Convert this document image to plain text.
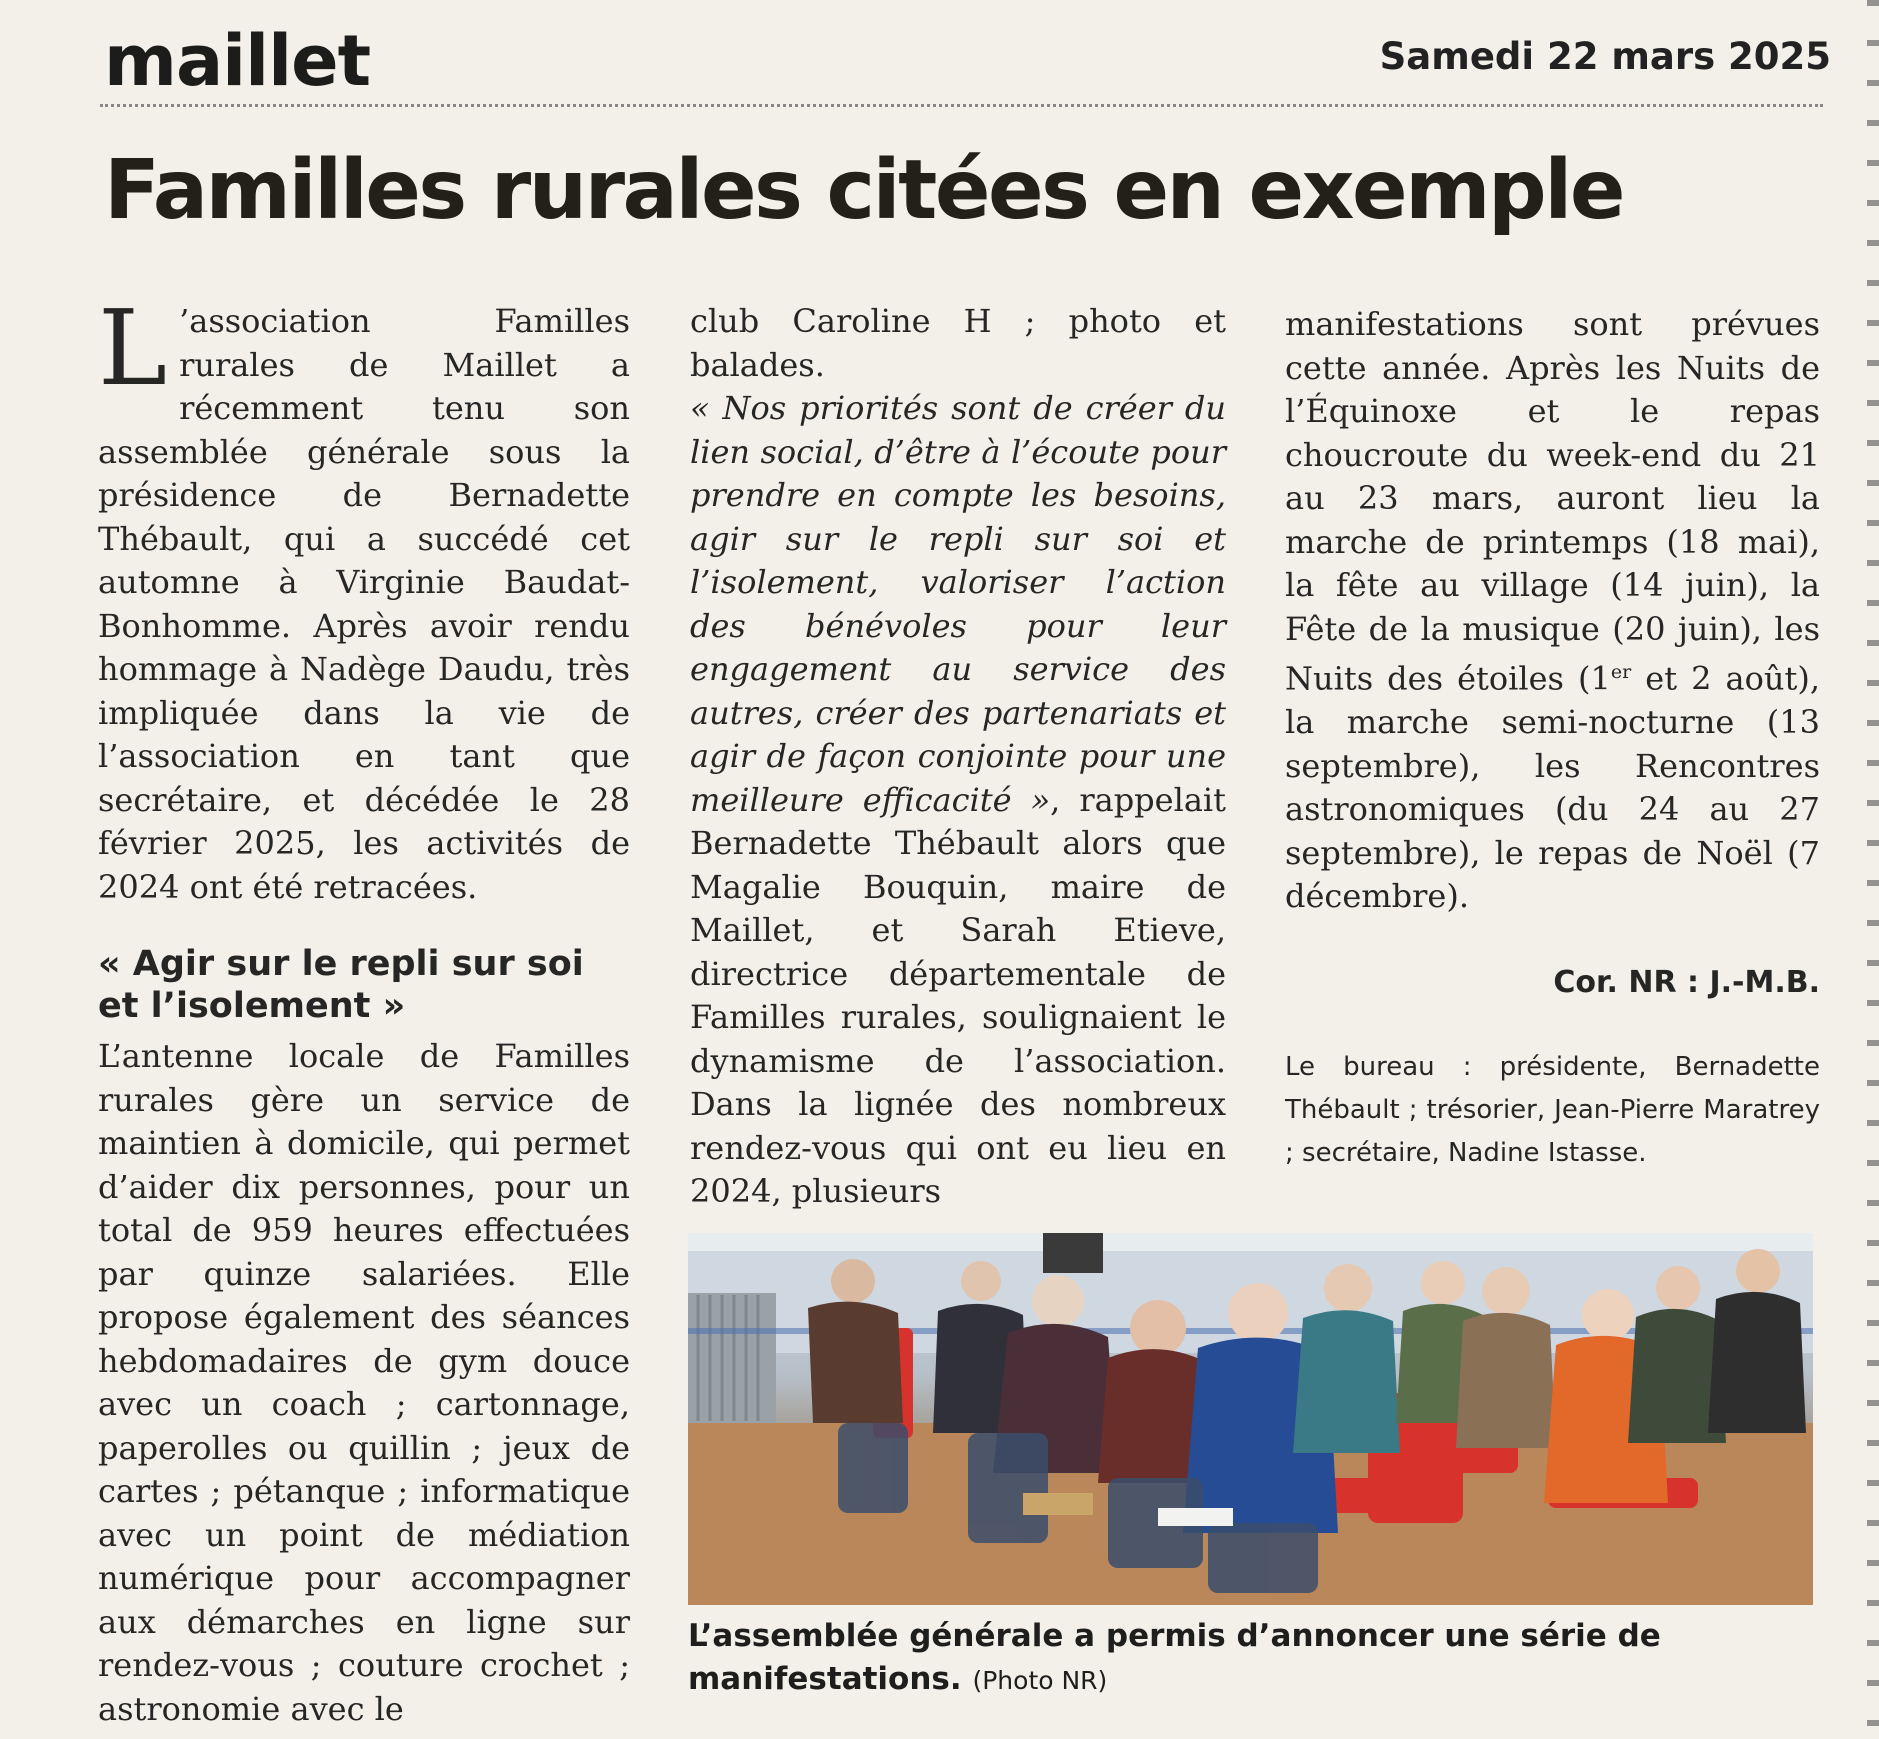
maillet	Samedi 22 mars 2025
Familles rurales citées en exemple

L ’association Familles rurales de Maillet a récemment tenu son assemblée générale sous la présidence de Bernadette Thébault, qui a succédé cet automne à Virginie Baudat-Bonhomme. Après avoir rendu hommage à Nadège Daudu, très impliquée dans la vie de l’association en tant que secrétaire, et décédée le 28 février 2025, les activités de 2024 ont été retracées.

« Agir sur le repli sur soi et l’isolement »

L’antenne locale de Familles rurales gère un service de maintien à domicile, qui permet d’aider dix personnes, pour un total de 959 heures effectuées par quinze salariées. Elle propose également des séances hebdomadaires de gym douce avec un coach ; cartonnage, paperolles ou quillin ; jeux de cartes ; pétanque ; informatique avec un point de médiation numérique pour accompagner aux démarches en ligne sur rendez-vous ; couture crochet ; astronomie avec le

club Caroline H ; photo et balades.

« Nos priorités sont de créer du lien social, d’être à l’écoute pour prendre en compte les besoins, agir sur le repli sur soi et l’isolement, valoriser l’action des bénévoles pour leur engagement au service des autres, créer des partenariats et agir de façon conjointe pour une meilleure efficacité », rappelait Bernadette Thébault alors que Magalie Bouquin, maire de Maillet, et Sarah Etieve, directrice départementale de Familles rurales, soulignaient le dynamisme de l’association. Dans la lignée des nombreux rendez-vous qui ont eu lieu en 2024, plusieurs

manifestations sont prévues cette année. Après les Nuits de l’Équinoxe et le repas choucroute du week-end du 21 au 23 mars, auront lieu la marche de printemps (18 mai), la fête au village (14 juin), la Fête de la musique (20 juin), les Nuits des étoiles (1er et 2 août), la marche semi-nocturne (13 septembre), les Rencontres astronomiques (du 24 au 27 septembre), le repas de Noël (7 décembre).

Cor. NR : J.-M.B.
Le bureau : présidente, Bernadette Thébault ; trésorier, Jean-Pierre Maratrey ; secrétaire, Nadine Istasse.
L’assemblée générale a permis d’annoncer une série de manifestations. (Photo NR)
